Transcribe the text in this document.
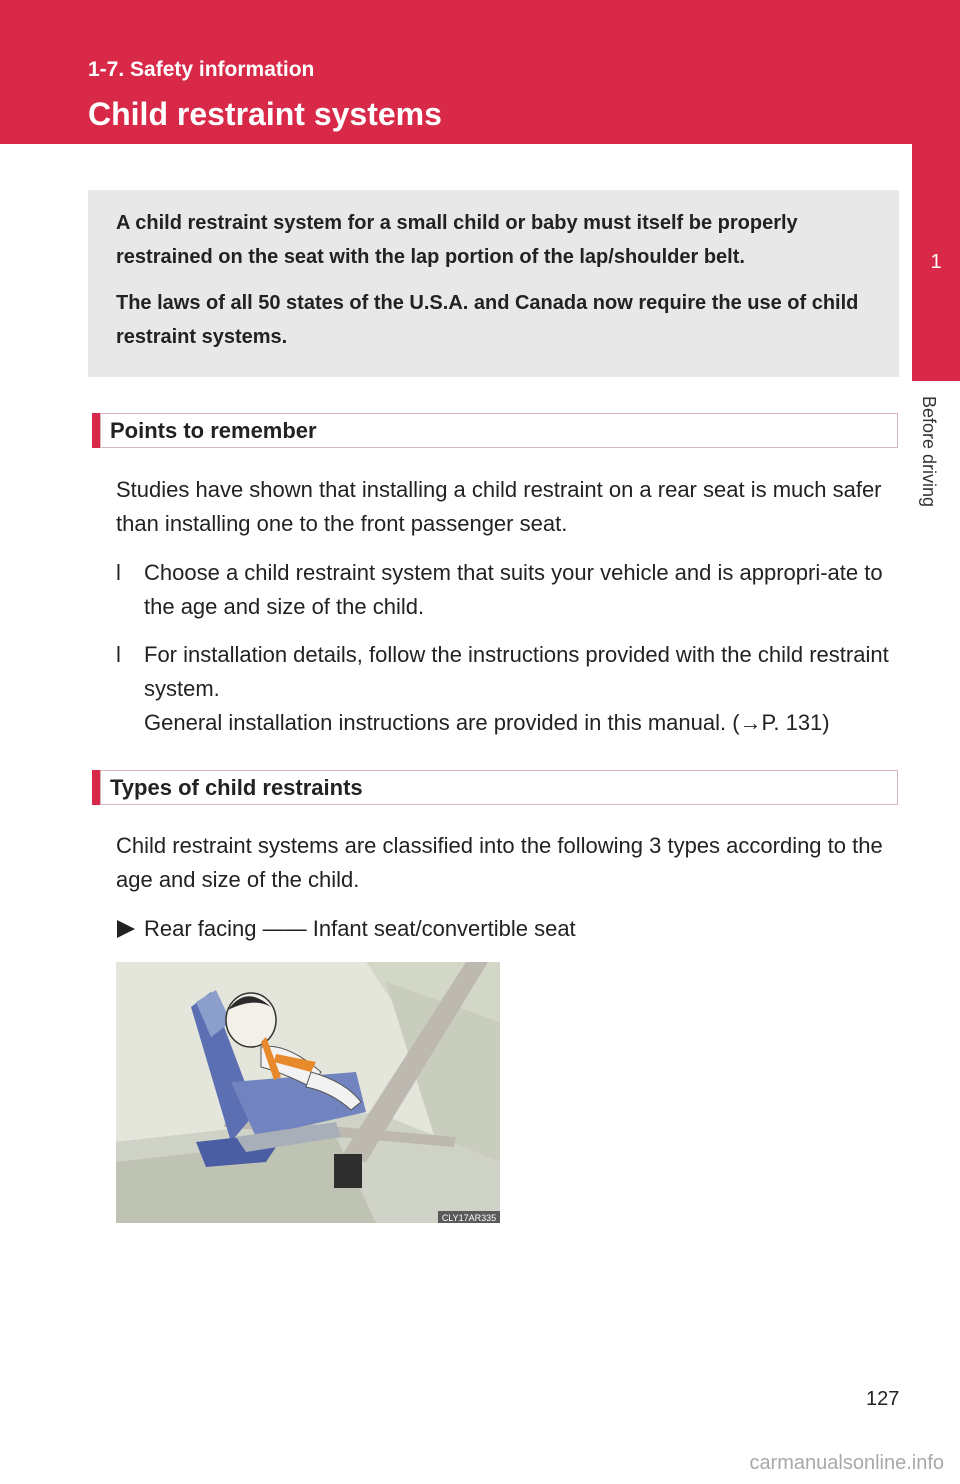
1-7. Safety information
Child restraint systems
1
Before driving

A child restraint system for a small child or baby must itself be properly restrained on the seat with the lap portion of the lap/shoulder belt.

The laws of all 50 states of the U.S.A. and Canada now require the use of child restraint systems.

Points to remember

Studies have shown that installing a child restraint on a rear seat is much safer than installing one to the front passenger seat.

l	Choose a child restraint system that suits your vehicle and is appropri-ate to the age and size of the child.

l	For installation details, follow the instructions provided with the child restraint system.

General installation instructions are provided in this manual. (→P. 131)

Types of child restraints

Child restraint systems are classified into the following 3 types according to the age and size of the child.

Rear facing —— Infant seat/convertible seat
CLY17AR335
127
carmanualsonline.info
